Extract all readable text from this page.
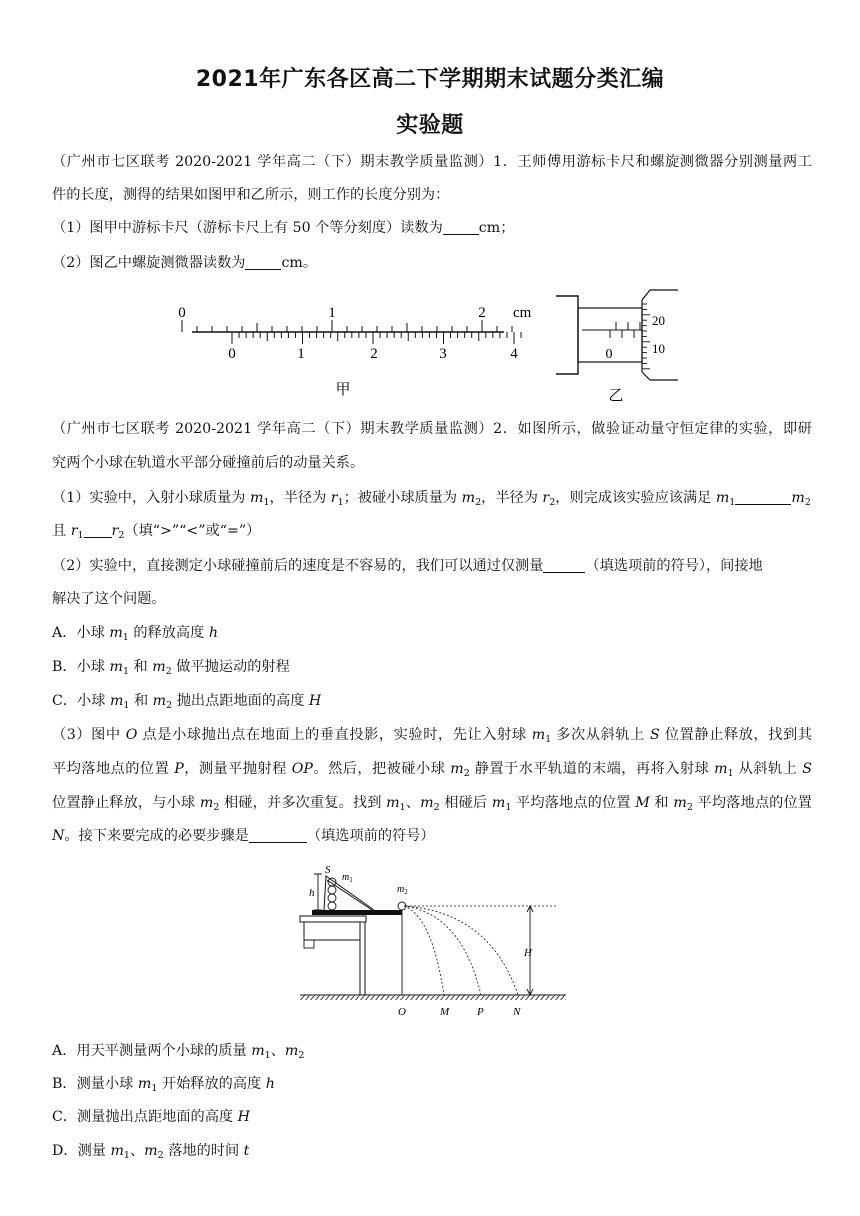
2021年广东各区高二下学期期末试题分类汇编
实验题
（广州市七区联考 2020-2021 学年高二（下）期末教学质量监测）1．王师傅用游标卡尺和螺旋测微器分别测量两工
件的长度，测得的结果如图甲和乙所示，则工作的长度分别为：
（1）图甲中游标卡尺（游标卡尺上有 50 个等分刻度）读数为	cm；
（2）图乙中螺旋测微器读数为	cm。
0	1	2 cm
0	1	2	3	4
甲
0
20
10
乙
（广州市七区联考 2020-2021 学年高二（下）期末教学质量监测）2．如图所示，做验证动量守恒定律的实验，即研
究两个小球在轨道水平部分碰撞前后的动量关系。
（1）实验中，入射小球质量为 $m_1$，半径为 $r_1$；被碰小球质量为 $m_2$，半径为 $r_2$，则完成该实验应该满足 $m_1$	$m_2$
且 $r_1$ $r_2$（填“>”“<”或“=”）
（2）实验中，直接测定小球碰撞前后的速度是不容易的，我们可以通过仅测量	（填选项前的符号），间接地
解决了这个问题。
A．小球 $m_1$ 的释放高度 h
B．小球 $m_1$ 和 $m_2$ 做平抛运动的射程
C．小球 $m_1$ 和 $m_2$ 抛出点距地面的高度 H
（3）图中 O 点是小球抛出点在地面上的垂直投影，实验时，先让入射球 $m_1$ 多次从斜轨上 S 位置静止释放，找到其
平均落地点的位置 P，测量平抛射程 OP。然后，把被碰小球 $m_2$ 静置于水平轨道的末端，再将入射球 $m_1$ 从斜轨上 S
位置静止释放，与小球 $m_2$ 相碰，并多次重复。找到 $m_1$、$m_2$ 相碰后 $m_1$ 平均落地点的位置 M 和 $m_2$ 平均落地点的位置
N。接下来要完成的必要步骤是	（填选项前的符号）
h
S
$m_1$
$m_2$
H
O	M	P	N
A．用天平测量两个小球的质量 $m_1$、$m_2$
B．测量小球 $m_1$ 开始释放的高度 h
C．测量抛出点距地面的高度 H
D．测量 $m_1$、$m_2$ 落地的时间 t
